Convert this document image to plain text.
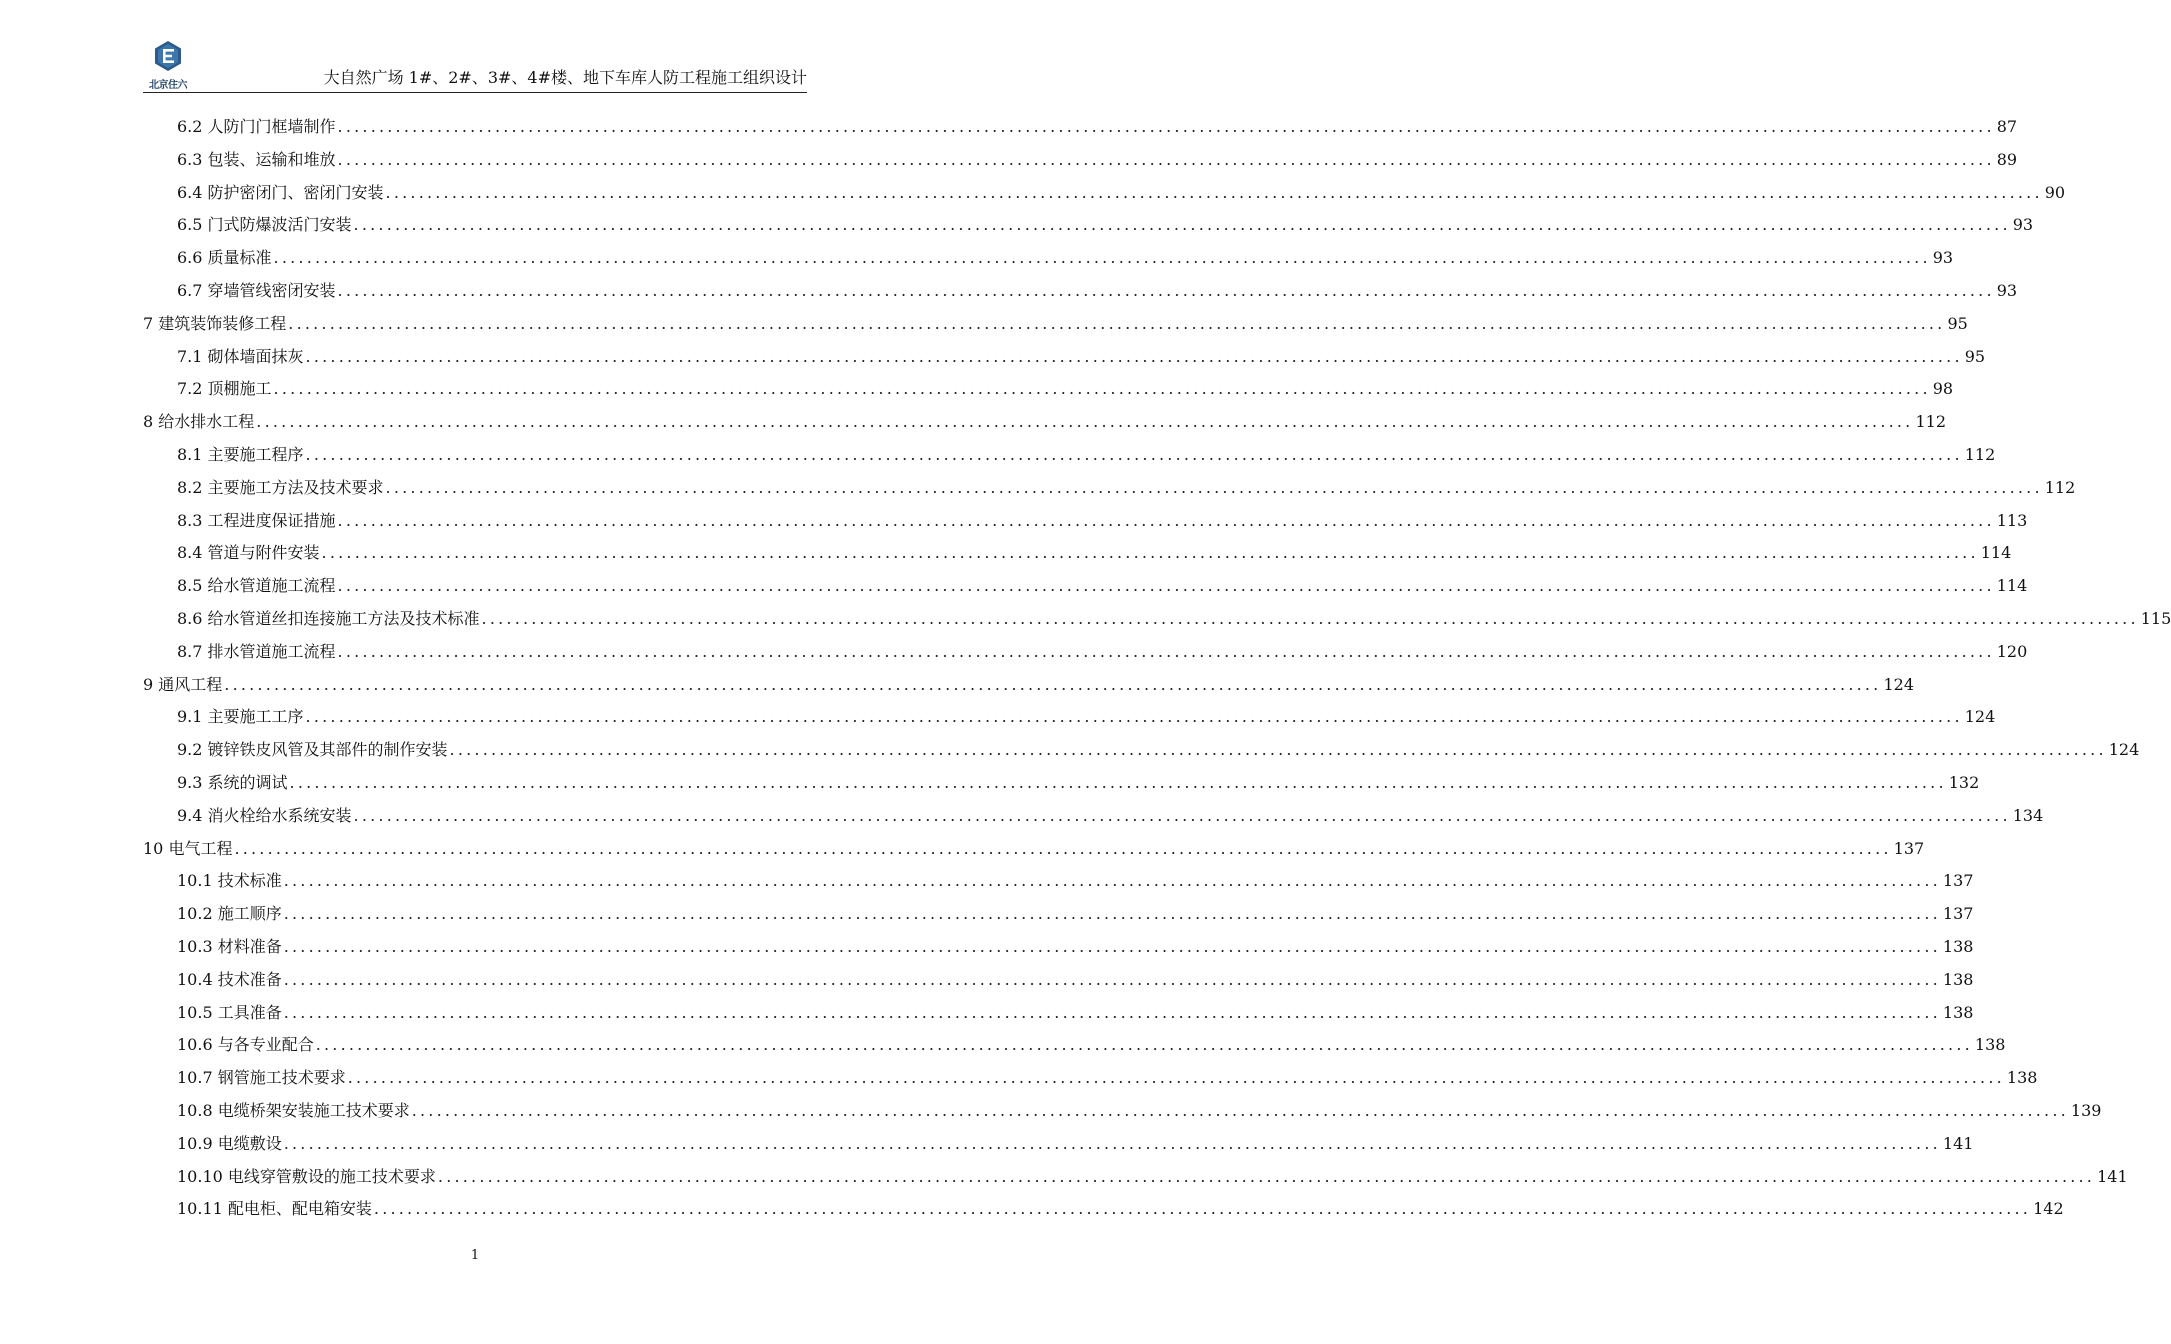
北京住六	大自然广场 1#、2#、3#、4#楼、地下车库人防工程施工组织设计
6.2 人防门门框墙制作 ........................................................................................................................................................................................................ 87
6.3 包装、运输和堆放 ........................................................................................................................................................................................................ 89
6.4 防护密闭门、密闭门安装 ........................................................................................................................................................................................................ 90
6.5 门式防爆波活门安装 ........................................................................................................................................................................................................ 93
6.6 质量标准 ........................................................................................................................................................................................................ 93
6.7 穿墙管线密闭安装 ........................................................................................................................................................................................................ 93
7 建筑装饰装修工程 ........................................................................................................................................................................................................ 95
7.1 砌体墙面抹灰 ........................................................................................................................................................................................................ 95
7.2 顶棚施工 ........................................................................................................................................................................................................ 98
8 给水排水工程 ........................................................................................................................................................................................................ 112
8.1 主要施工程序 ........................................................................................................................................................................................................ 112
8.2 主要施工方法及技术要求 ........................................................................................................................................................................................................ 112
8.3 工程进度保证措施 ........................................................................................................................................................................................................ 113
8.4 管道与附件安装 ........................................................................................................................................................................................................ 114
8.5 给水管道施工流程 ........................................................................................................................................................................................................ 114
8.6 给水管道丝扣连接施工方法及技术标准 ........................................................................................................................................................................................................ 115
8.7 排水管道施工流程 ........................................................................................................................................................................................................ 120
9 通风工程 ........................................................................................................................................................................................................ 124
9.1 主要施工工序 ........................................................................................................................................................................................................ 124
9.2 镀锌铁皮风管及其部件的制作安装 ........................................................................................................................................................................................................ 124
9.3 系统的调试 ........................................................................................................................................................................................................ 132
9.4 消火栓给水系统安装 ........................................................................................................................................................................................................ 134
10 电气工程 ........................................................................................................................................................................................................ 137
10.1 技术标准 ........................................................................................................................................................................................................ 137
10.2 施工顺序 ........................................................................................................................................................................................................ 137
10.3 材料准备 ........................................................................................................................................................................................................ 138
10.4 技术准备 ........................................................................................................................................................................................................ 138
10.5 工具准备 ........................................................................................................................................................................................................ 138
10.6 与各专业配合 ........................................................................................................................................................................................................ 138
10.7 钢管施工技术要求 ........................................................................................................................................................................................................ 138
10.8 电缆桥架安装施工技术要求 ........................................................................................................................................................................................................ 139
10.9 电缆敷设 ........................................................................................................................................................................................................ 141
10.10 电线穿管敷设的施工技术要求 ........................................................................................................................................................................................................ 141
10.11 配电柜、配电箱安装 ........................................................................................................................................................................................................ 142
1
